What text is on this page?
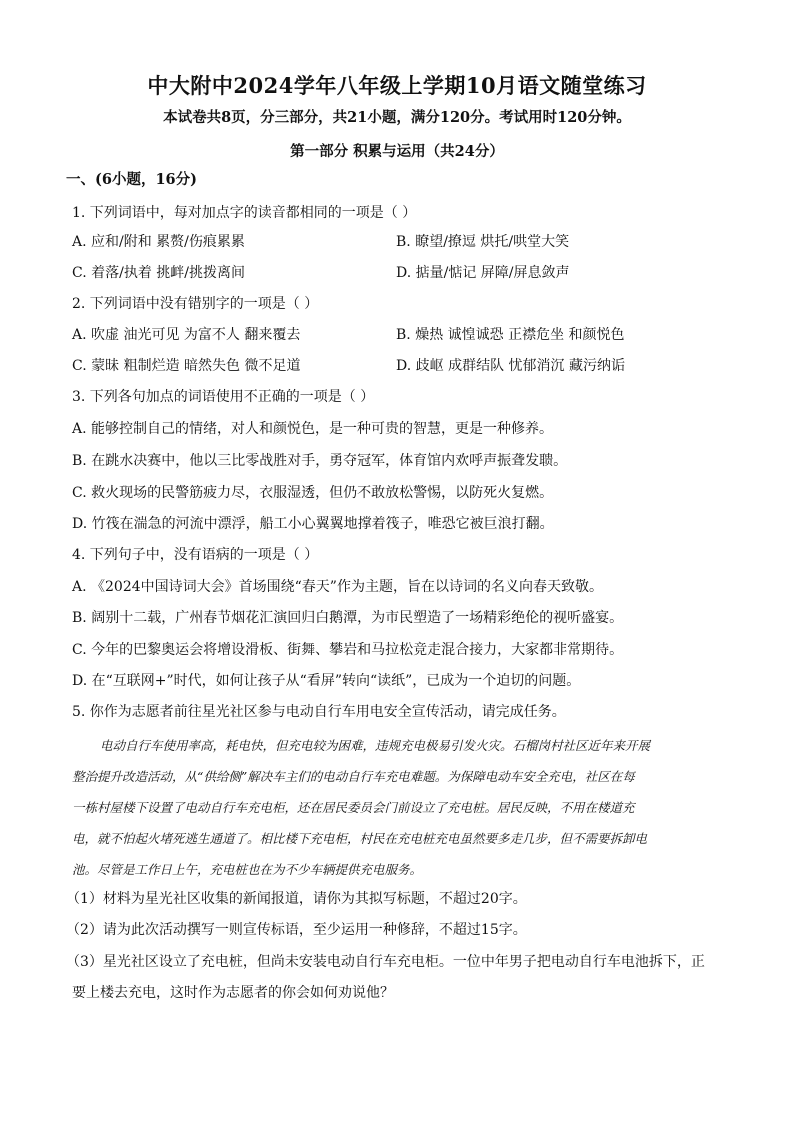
中大附中2024学年八年级上学期10月语文随堂练习
本试卷共8页，分三部分，共21小题，满分120分。考试用时120分钟。
第一部分 积累与运用（共24分）
一、(6小题，16分)
1. 下列词语中，每对加点字的读音都相同的一项是（ ）
A. 应和/附和 累赘/伤痕累累	B. 瞭望/撩逗 烘托/哄堂大笑
C. 着落/执着 挑衅/挑拨离间	D. 掂量/惦记 屏障/屏息敛声
2. 下列词语中没有错别字的一项是（ ）
A. 吹虚 油光可见 为富不人 翻来覆去	B. 燥热 诚惶诚恐 正襟危坐 和颜悦色
C. 蒙昧 粗制烂造 暗然失色 微不足道	D. 歧岖 成群结队 忧郁消沉 藏污纳诟
3. 下列各句加点的词语使用不正确的一项是（ ）
A. 能够控制自己的情绪，对人和颜悦色，是一种可贵的智慧，更是一种修养。
B. 在跳水决赛中，他以三比零战胜对手，勇夺冠军，体育馆内欢呼声振聋发聩。
C. 救火现场的民警筋疲力尽，衣服湿透，但仍不敢放松警惕，以防死火复燃。
D. 竹筏在湍急的河流中漂浮，船工小心翼翼地撑着筏子，唯恐它被巨浪打翻。
4. 下列句子中，没有语病的一项是（ ）
A. 《2024中国诗词大会》首场围绕“春天”作为主题，旨在以诗词的名义向春天致敬。
B. 阔别十二载，广州春节烟花汇演回归白鹅潭，为市民塑造了一场精彩绝伦的视听盛宴。
C. 今年的巴黎奥运会将增设滑板、街舞、攀岩和马拉松竞走混合接力，大家都非常期待。
D. 在“互联网+”时代，如何让孩子从“看屏”转向“读纸”，已成为一个迫切的问题。
5. 你作为志愿者前往星光社区参与电动自行车用电安全宣传活动，请完成任务。
电动自行车使用率高，耗电快，但充电较为困难，违规充电极易引发火灾。石榴岗村社区近年来开展
整治提升改造活动，从“供给侧”解决车主们的电动自行车充电难题。为保障电动车安全充电，社区在每
一栋村屋楼下设置了电动自行车充电柜，还在居民委员会门前设立了充电桩。居民反映，不用在楼道充
电，就不怕起火堵死逃生通道了。相比楼下充电柜，村民在充电桩充电虽然要多走几步，但不需要拆卸电
池。尽管是工作日上午，充电桩也在为不少车辆提供充电服务。
（1）材料为星光社区收集的新闻报道，请你为其拟写标题，不超过20字。
（2）请为此次活动撰写一则宣传标语，至少运用一种修辞，不超过15字。
（3）星光社区设立了充电桩，但尚未安装电动自行车充电柜。一位中年男子把电动自行车电池拆下，正
要上楼去充电，这时作为志愿者的你会如何劝说他？
